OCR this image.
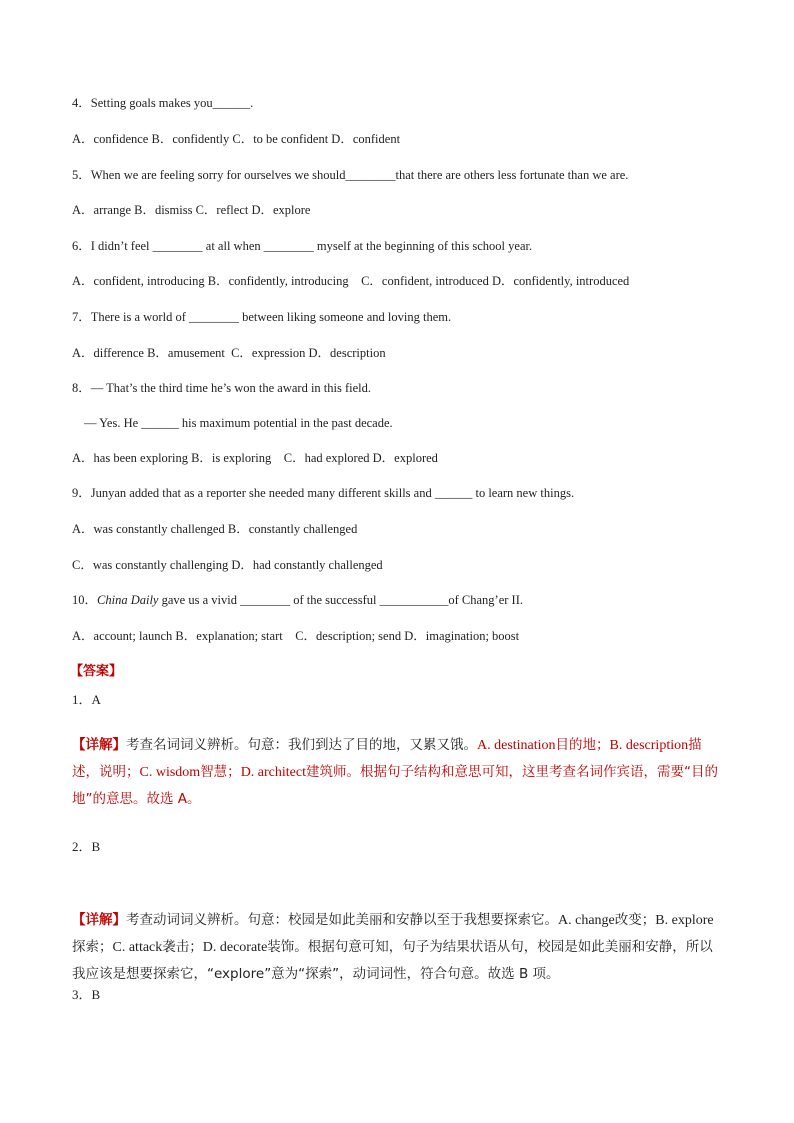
4．Setting goals makes you______.
A．confidence B．confidently C．to be confident D．confident
5．When we are feeling sorry for ourselves we should________that there are others less fortunate than we are.
A．arrange B．dismiss C．reflect D．explore
6．I didn’t feel ________ at all when ________ myself at the beginning of this school year.
A．confident, introducing B．confidently, introducing    C．confident, introduced D．confidently, introduced
7．There is a world of ________ between liking someone and loving them.
A．difference B．amusement  C．expression D．description
8．— That’s the third time he’s won the award in this field.
— Yes. He ______ his maximum potential in the past decade.
A．has been exploring B．is exploring    C．had explored D．explored
9．Junyan added that as a reporter she needed many different skills and ______ to learn new things.
A．was constantly challenged B．constantly challenged
C．was constantly challenging D．had constantly challenged
10．China Daily gave us a vivid ________ of the successful ___________of Chang’er II.
A．account; launch B．explanation; start    C．description; send D．imagination; boost
【答案】
1．A
【详解】考查名词词义辨析。句意：我们到达了目的地，又累又饿。A. destination目的地；B. description描述，说明；C. wisdom智慧；D. architect建筑师。根据句子结构和意思可知，这里考查名词作宾语，需要“目的地”的意思。故选 A。
2．B
【详解】考查动词词义辨析。句意：校园是如此美丽和安静以至于我想要探索它。A. change改变；B. explore探索；C. attack袭击；D. decorate装饰。根据句意可知，句子为结果状语从句，校园是如此美丽和安静，所以我应该是想要探索它，“explore”意为“探索”，动词词性，符合句意。故选 B 项。
3．B
